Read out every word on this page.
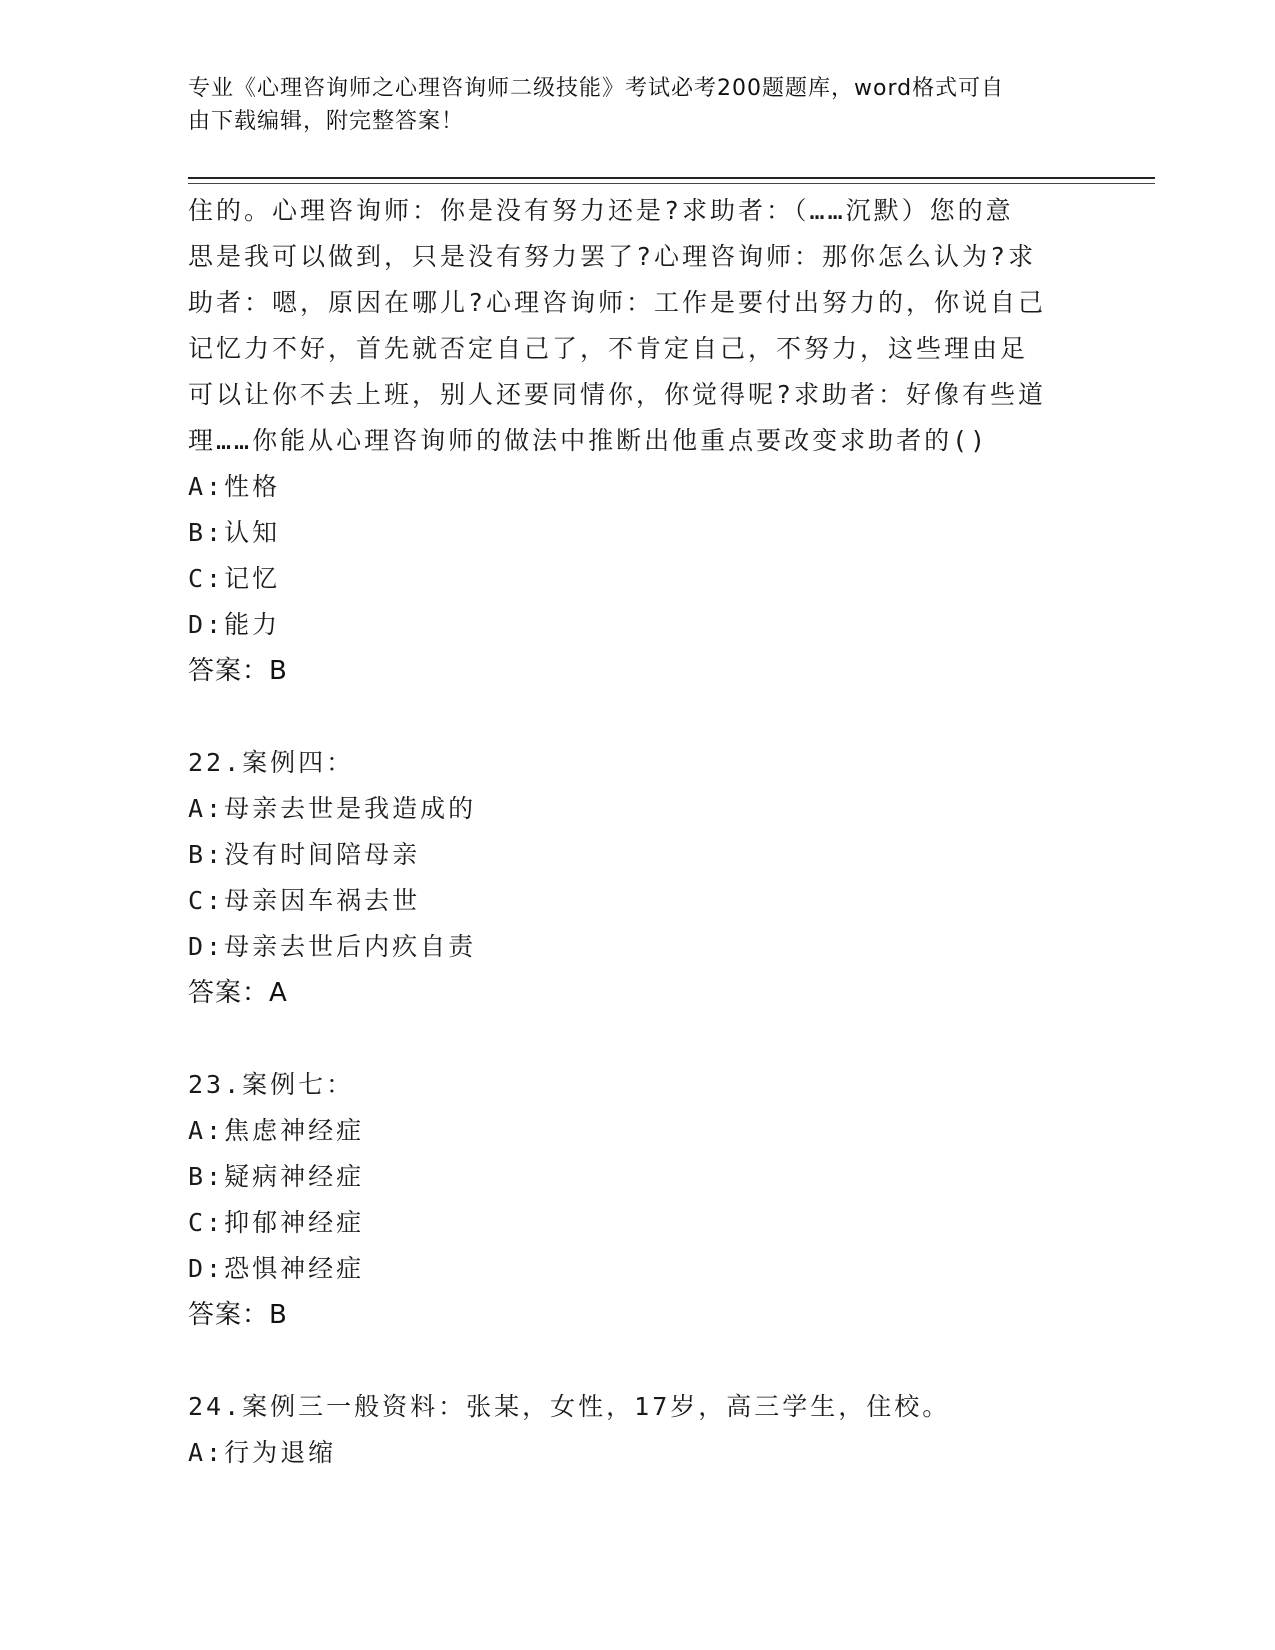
专业《心理咨询师之心理咨询师二级技能》考试必考200题题库，word格式可自
由下载编辑，附完整答案！
住的。心理咨询师：你是没有努力还是?求助者：（……沉默）您的意
思是我可以做到，只是没有努力罢了?心理咨询师：那你怎么认为?求
助者：嗯，原因在哪儿?心理咨询师：工作是要付出努力的，你说自己
记忆力不好，首先就否定自己了，不肯定自己，不努力，这些理由足
可以让你不去上班，别人还要同情你，你觉得呢?求助者：好像有些道
理……你能从心理咨询师的做法中推断出他重点要改变求助者的()
A:性格
B:认知
C:记忆
D:能力
答案：B
22.案例四：
A:母亲去世是我造成的
B:没有时间陪母亲
C:母亲因车祸去世
D:母亲去世后内疚自责
答案：A
23.案例七：
A:焦虑神经症
B:疑病神经症
C:抑郁神经症
D:恐惧神经症
答案：B
24.案例三一般资料：张某，女性，17岁，高三学生，住校。
A:行为退缩
